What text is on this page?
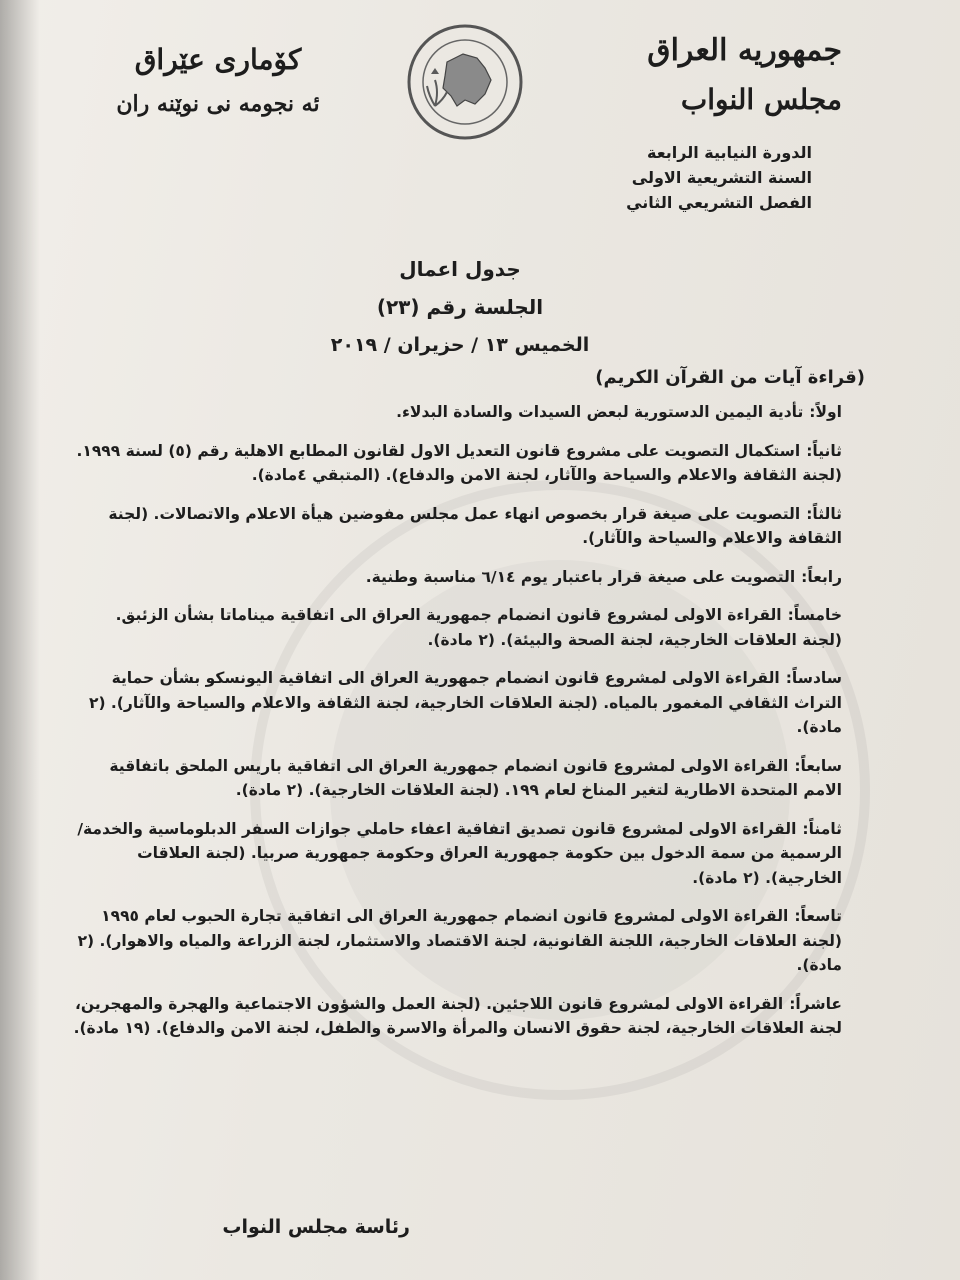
جمهوريه العراق
مجلس النواب
كۆمارى عێراق
ئه نجومه نى نوێنه ران
الدورة النيابية الرابعة
السنة التشريعية الاولى
الفصل التشريعي الثاني
جدول اعمال
الجلسة رقم (٢٣)
الخميس ١٣ / حزيران / ٢٠١٩
(قراءة آيات من القرآن الكريم)
اولاً:تأدية اليمين الدستورية لبعض السيدات والسادة البدلاء.
ثانياً:استكمال التصويت على مشروع قانون التعديل الاول لقانون المطابع الاهلية رقم (٥) لسنة ١٩٩٩. (لجنة الثقافة والاعلام والسياحة والآثار، لجنة الامن والدفاع). (المتبقي ٤مادة).
ثالثاً:التصويت على صيغة قرار بخصوص انهاء عمل مجلس مفوضين هيأة الاعلام والاتصالات. (لجنة الثقافة والاعلام والسياحة والآثار).
رابعاً:التصويت على صيغة قرار باعتبار يوم ٦/١٤ مناسبة وطنية.
خامساً:القراءة الاولى لمشروع قانون انضمام جمهورية العراق الى اتفاقية ميناماتا بشأن الزئبق. (لجنة العلاقات الخارجية، لجنة الصحة والبيئة). (٢ مادة).
سادساً:القراءة الاولى لمشروع قانون انضمام جمهورية العراق الى اتفاقية اليونسكو بشأن حماية التراث الثقافي المغمور بالمياه. (لجنة العلاقات الخارجية، لجنة الثقافة والاعلام والسياحة والآثار). (٢ مادة).
سابعاً:القراءة الاولى لمشروع قانون انضمام جمهورية العراق الى اتفاقية باريس الملحق باتفاقية الامم المتحدة الاطارية لتغير المناخ لعام ١٩٩. (لجنة العلاقات الخارجية). (٢ مادة).
ثامناً:القراءة الاولى لمشروع قانون تصديق اتفاقية اعفاء حاملي جوازات السفر الدبلوماسية والخدمة/ الرسمية من سمة الدخول بين حكومة جمهورية العراق وحكومة جمهورية صربيا. (لجنة العلاقات الخارجية). (٢ مادة).
تاسعاً:القراءة الاولى لمشروع قانون انضمام جمهورية العراق الى اتفاقية تجارة الحبوب لعام ١٩٩٥ (لجنة العلاقات الخارجية، اللجنة القانونية، لجنة الاقتصاد والاستثمار، لجنة الزراعة والمياه والاهوار). (٢ مادة).
عاشراً:القراءة الاولى لمشروع قانون اللاجئين. (لجنة العمل والشؤون الاجتماعية والهجرة والمهجرين، لجنة العلاقات الخارجية، لجنة حقوق الانسان والمرأة والاسرة والطفل، لجنة الامن والدفاع). (١٩ مادة).
رئاسة مجلس النواب
